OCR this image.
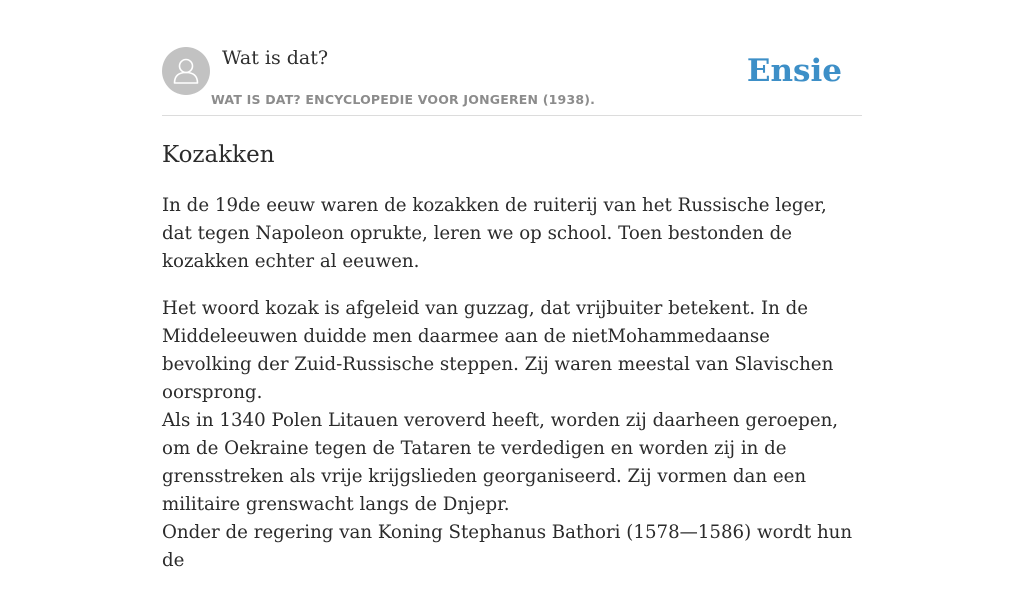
Wat is dat?
WAT IS DAT? ENCYCLOPEDIE VOOR JONGEREN (1938).
Ensie
Kozakken

In de 19de eeuw waren de kozakken de ruiterij van het Russische leger, dat tegen Napoleon oprukte, leren we op school. Toen bestonden de kozakken echter al eeuwen.

Het woord kozak is afgeleid van guzzag, dat vrijbuiter betekent. In de Middeleeuwen duidde men daarmee aan de nietMohammedaanse bevolking der Zuid-Russische steppen. Zij waren meestal van Slavischen oorsprong.
Als in 1340 Polen Litauen veroverd heeft, worden zij daarheen geroepen, om de Oekraine tegen de Tataren te verdedigen en worden zij in de grensstreken als vrije krijgslieden georganiseerd. Zij vormen dan een militaire grenswacht langs de Dnjepr.
Onder de regering van Koning Stephanus Bathori (1578—1586) wordt hun de
